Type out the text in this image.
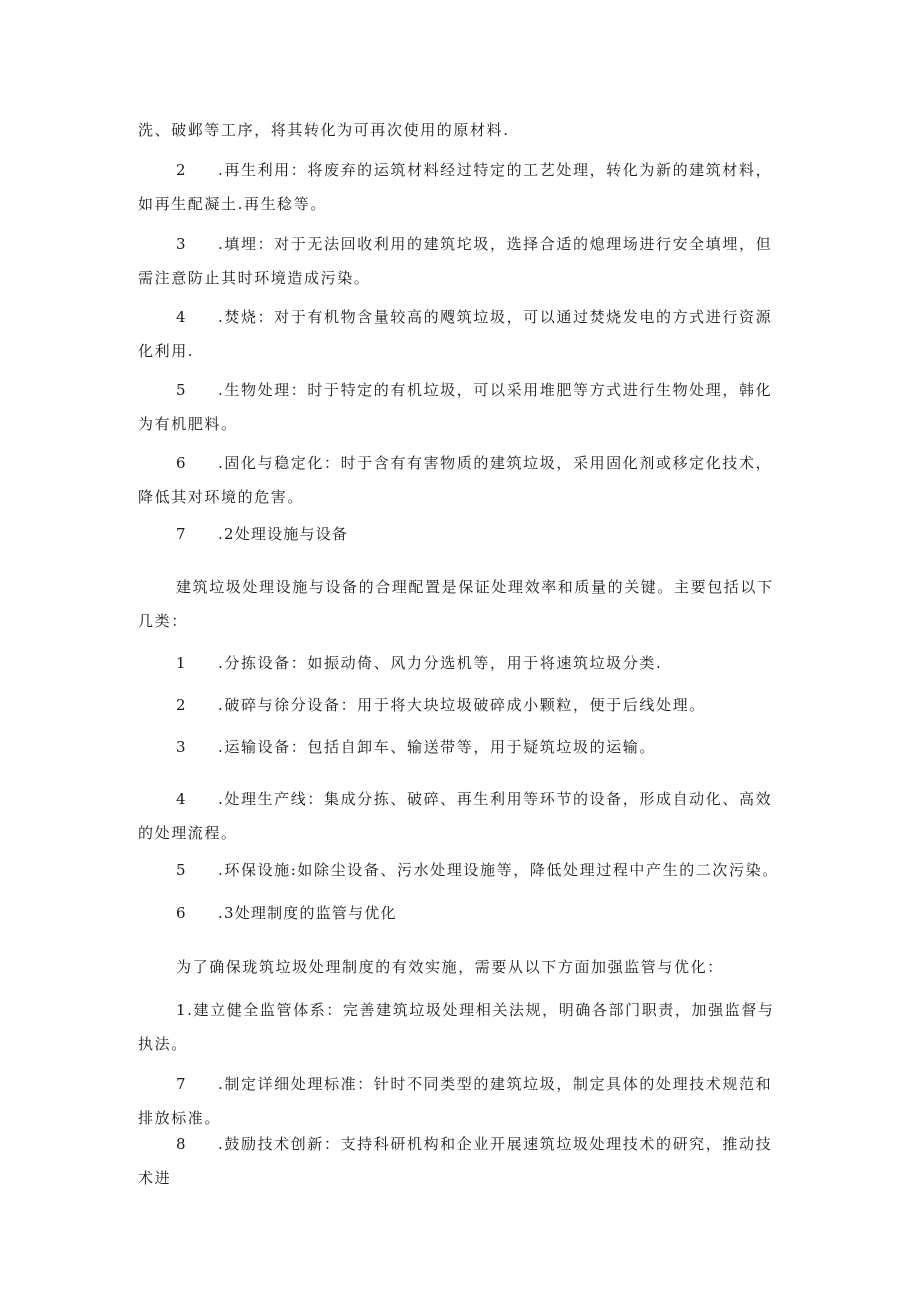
洗、破邺等工序，将其转化为可再次使用的原材料.

2 .再生利用：将废弃的运筑材料经过特定的工艺处理，转化为新的建筑材料，如再生配凝土.再生稔等。

3 .填埋：对于无法回收利用的建筑坨圾，选择合适的熄理场进行安全填埋，但需注意防止其时环境造成污染。

4 .焚烧：对于有机物含量较高的飕筑垃圾，可以通过焚烧发电的方式进行资源化利用.

5 .生物处理：时于特定的有机垃圾，可以采用堆肥等方式进行生物处理，韩化为有机肥料。

6 .固化与稳定化：时于含有有害物质的建筑垃圾，采用固化剂或移定化技术，降低其对环境的危害。

7 .2处理设施与设备

建筑垃圾处理设施与设备的合理配置是保证处理效率和质量的关键。主要包括以下几类：

1 .分拣设备：如振动倚、风力分选机等，用于将速筑垃圾分类.

2 .破碎与徐分设备：用于将大块垃圾破碎成小颗粒，便于后线处理。

3 .运输设备：包括自卸车、输送带等，用于疑筑垃圾的运输。

4 .处理生产线：集成分拣、破碎、再生利用等环节的设备，形成自动化、高效的处理流程。

5 .环保设施:如除尘设备、污水处理设施等，降低处理过程中产生的二次污染。

6 .3处理制度的监管与优化

为了确保珑筑垃圾处理制度的有效实施，需要从以下方面加强监管与优化：

1.建立健全监管体系：完善建筑垃圾处理相关法规，明确各部门职责，加强监督与执法。

7 .制定详细处理标准：针时不同类型的建筑垃圾，制定具体的处理技术规范和排放标准。

8 .鼓励技术创新：支持科研机构和企业开展速筑垃圾处理技术的研究，推动技术进
